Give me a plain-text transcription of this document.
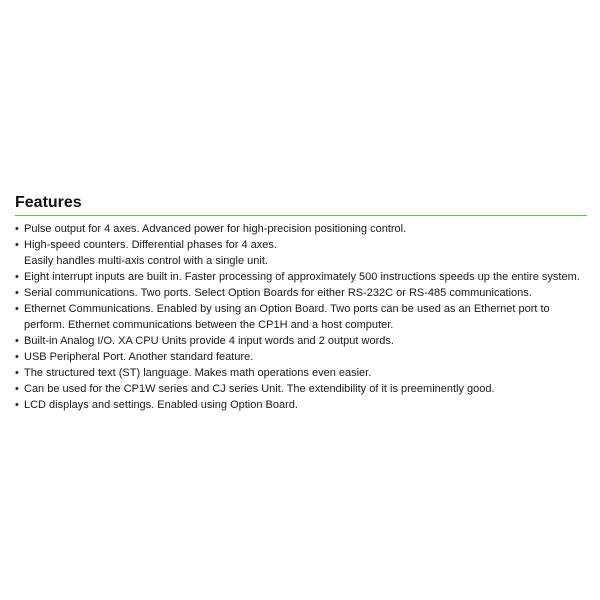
Features
• Pulse output for 4 axes. Advanced power for high-precision positioning control.
• High-speed counters. Differential phases for 4 axes.
Easily handles multi-axis control with a single unit.
• Eight interrupt inputs are built in. Faster processing of approximately 500 instructions speeds up the entire system.
• Serial communications. Two ports. Select Option Boards for either RS-232C or RS-485 communications.
• Ethernet Communications. Enabled by using an Option Board. Two ports can be used as an Ethernet port to
perform. Ethernet communications between the CP1H and a host computer.
• Built-in Analog I/O. XA CPU Units provide 4 input words and 2 output words.
• USB Peripheral Port. Another standard feature.
• The structured text (ST) language. Makes math operations even easier.
• Can be used for the CP1W series and CJ series Unit. The extendibility of it is preeminently good.
• LCD displays and settings. Enabled using Option Board.
